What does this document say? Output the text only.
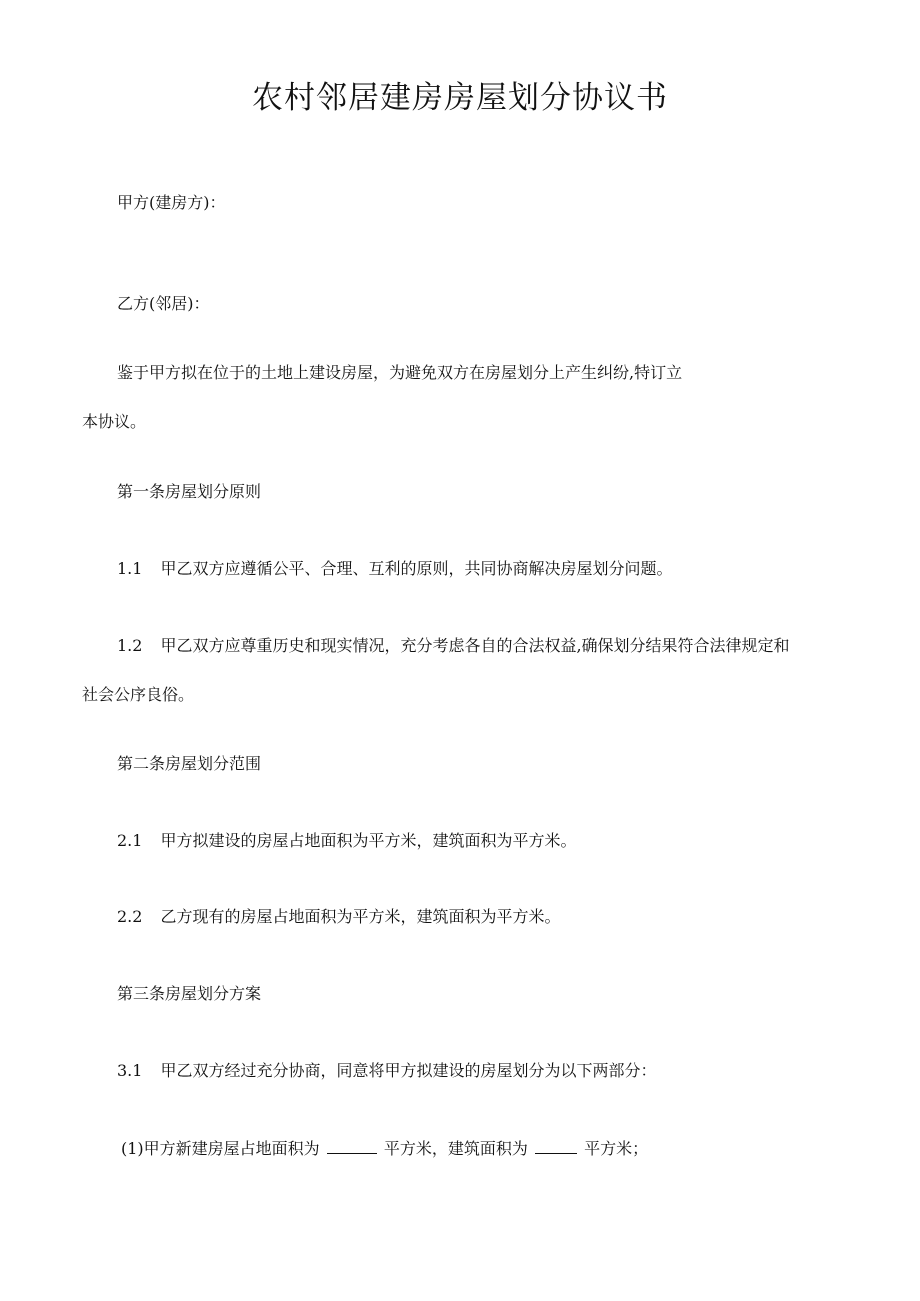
农村邻居建房房屋划分协议书

甲方(建房方)：

乙方(邻居)：

鉴于甲方拟在位于的土地上建设房屋，为避免双方在房屋划分上产生纠纷,特订立

本协议。

第一条房屋划分原则

1.1 甲乙双方应遵循公平、合理、互利的原则，共同协商解决房屋划分问题。

1.2 甲乙双方应尊重历史和现实情况，充分考虑各自的合法权益,确保划分结果符合法律规定和

社会公序良俗。

第二条房屋划分范围

2.1 甲方拟建设的房屋占地面积为平方米，建筑面积为平方米。

2.2 乙方现有的房屋占地面积为平方米，建筑面积为平方米。

第三条房屋划分方案

3.1 甲乙双方经过充分协商，同意将甲方拟建设的房屋划分为以下两部分：

(1)甲方新建房屋占地面积为	平方米，建筑面积为	平方米；
